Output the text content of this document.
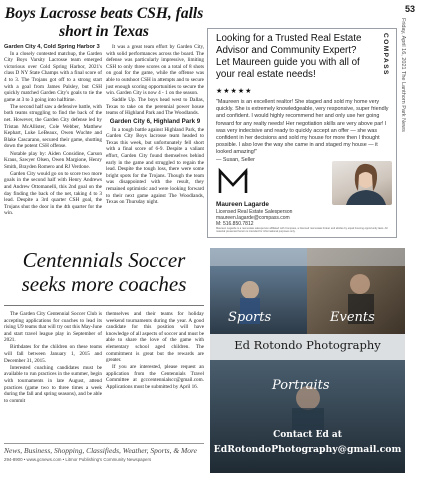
53
Friday, April 16, 2021 The Lanthorn Park News
Boys Lacrosse beats CSH, falls short in Texas
Garden City 4, Cold Spring Harbor 3

In a closely contested matchup, the Garden City Boys Varsity Lacrosse team emerged victorious over Cold Spring Harbor, 2021's class D NY State Champs with a final score of 4 to 3. The Trojans got off to a strong start with a goal from James Palsley, but CSH quickly matched Garden City's goals to tie the game at 3 to 3 going into halftime.

The second half saw a defensive battle, with both teams struggling to find the back of the net. However, the Garden City defense led by Tristan McAllister, Cole Webber, Matthew Kephart, Luke LeBeaux, Owen Wuchte and Blake Cascarano, secured their game, shutting down the potent CSH offense.

Notable play by: Aiden Considine, Carson Kraus, Sawyer Olsen, Owen Margione, Henry Smith, Brayden Romero and RJ Verdone.

Garden City would go on to score two more goals in the second half with Henry Andrews and Andrew Ottomanelli, this 2nd goal on the day finding the back of the net, taking 4 to 3 lead. Despite a 3rd quarter CSH goal, the Trojans shut the door in the 4th quarter for the win.

It was a great team effort by Garden City, with solid performances across the board. The defense was particularly impressive, limiting CSH to only three scores on a total of 8 shots on goal for the game, while the offense was able to outshoot CSH in attempts and to secure just enough scoring opportunities to secure the win. Garden City is now 4 - 1 on the season.

Saddle Up. The boys head west to Dallas, Texas to take on the perennial power house teams of Highland Park and The Woodlands.

Garden City 6, Highland Park 9

In a tough battle against Highland Park, the Garden City Boys lacrosse team headed to Texas this week, but unfortunately fell short with a final score of 6-9. Despite a valiant effort, Garden City found themselves behind early in the game and struggled to regain the lead. Despite the tough loss, there were some bright spots for the Trojans. Though the team was disappointed with the result, they remained optimistic and were looking forward to their next game against The Woodlands, Texas on Thursday night.

Looking for a Trusted Real Estate Advisor and Community Expert? Let Maureen guide you with all of your real estate needs!	COMPASS
★★★★★
"Maureen is an excellent realtor! She staged and sold my home very quickly. She is extremely knowledgeable, very responsive, super friendly and confident. I would highly recommend her and only use her going forward for any realty needs! Her negotiation skills are very above par! I was very indecisive and ready to quickly accept an offer — she was confident in her decisions and sold my house for more then I thought possible. I also love the way she came in and staged my house — it looked amazing!"
— Susan, Seller
Maureen Lagarde
Licensed Real Estate Salesperson
maureen.lagarde@compass.com
M: 516.850.7812
Maureen Lagarde is a real estate salesperson affiliated with Compass, a licensed real estate broker and abides by equal housing opportunity laws. All material presented herein is intended for informational purposes only.
Centennials Soccer seeks more coaches

The Garden City Centennial Soccer Club is accepting applications for coaches to lead its rising U9 teams that will try out this May-June and start travel league play in September of 2021.

Birthdates for the children on these teams will fall between January 1, 2015 and December 31, 2015.

Interested coaching candidates must be available to run practices in the summer, begin with tournaments in late August, attend practices (game two to three times a week during the fall and spring seasons), and be able to commit

themselves and their teams for holiday weekend tournaments during the year. A good candidate for this position will have knowledge of all aspects of soccer and must be able to share the love of the game with elementary school aged children. The commitment is great but the rewards are greater.

If you are interested, please request an application from the Centennials Travel Committee at gcccentennialscc@gmail.com. Applications must be submitted by April 16.

News, Business, Shopping, Classifieds, Weather, Sports, & More
294-8900 • www.gcnews.com • Litmor Publishing's Community Newspapers
Sports	Events
Ed Rotondo Photography
Portraits
Contact Ed at
EdRotondoPhotography@gmail.com
